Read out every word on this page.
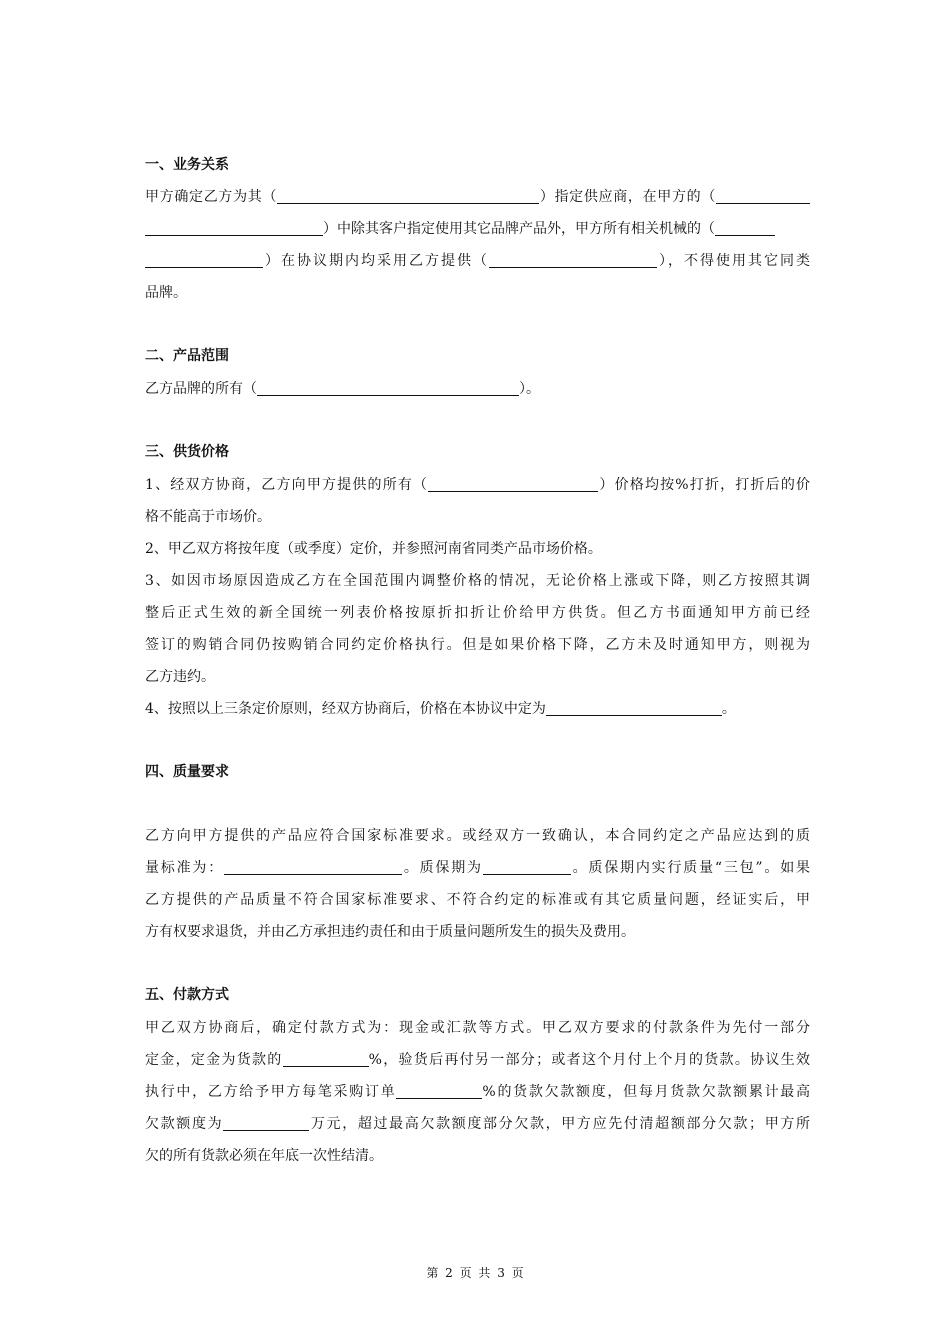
一、业务关系

甲方确定乙方为其（	）指定供应商，在甲方的（

）中除其客户指定使用其它品牌产品外，甲方所有相关机械的（

）在协议期内均采用乙方提供（	），不得使用其它同类

品牌。

二、产品范围

乙方品牌的所有（	）。

三、供货价格

1、经双方协商，乙方向甲方提供的所有（	）价格均按%打折，打折后的价

格不能高于市场价。

2、甲乙双方将按年度（或季度）定价，并参照河南省同类产品市场价格。

3、如因市场原因造成乙方在全国范围内调整价格的情况，无论价格上涨或下降，则乙方按照其调

整后正式生效的新全国统一列表价格按原折扣折让价给甲方供货。但乙方书面通知甲方前已经

签订的购销合同仍按购销合同约定价格执行。但是如果价格下降，乙方未及时通知甲方，则视为

乙方违约。

4、按照以上三条定价原则，经双方协商后，价格在本协议中定为	。

四、质量要求

乙方向甲方提供的产品应符合国家标准要求。或经双方一致确认，本合同约定之产品应达到的质

量标准为：	。质保期为	。质保期内实行质量“三包”。如果

乙方提供的产品质量不符合国家标准要求、不符合约定的标准或有其它质量问题，经证实后，甲

方有权要求退货，并由乙方承担违约责任和由于质量问题所发生的损失及费用。

五、付款方式

甲乙双方协商后，确定付款方式为：现金或汇款等方式。甲乙双方要求的付款条件为先付一部分

定金，定金为货款的	%，验货后再付另一部分；或者这个月付上个月的货款。协议生效

执行中，乙方给予甲方每笔采购订单	%的货款欠款额度，但每月货款欠款额累计最高

欠款额度为	万元，超过最高欠款额度部分欠款，甲方应先付清超额部分欠款；甲方所

欠的所有货款必须在年底一次性结清。

第 2 页 共 3 页
